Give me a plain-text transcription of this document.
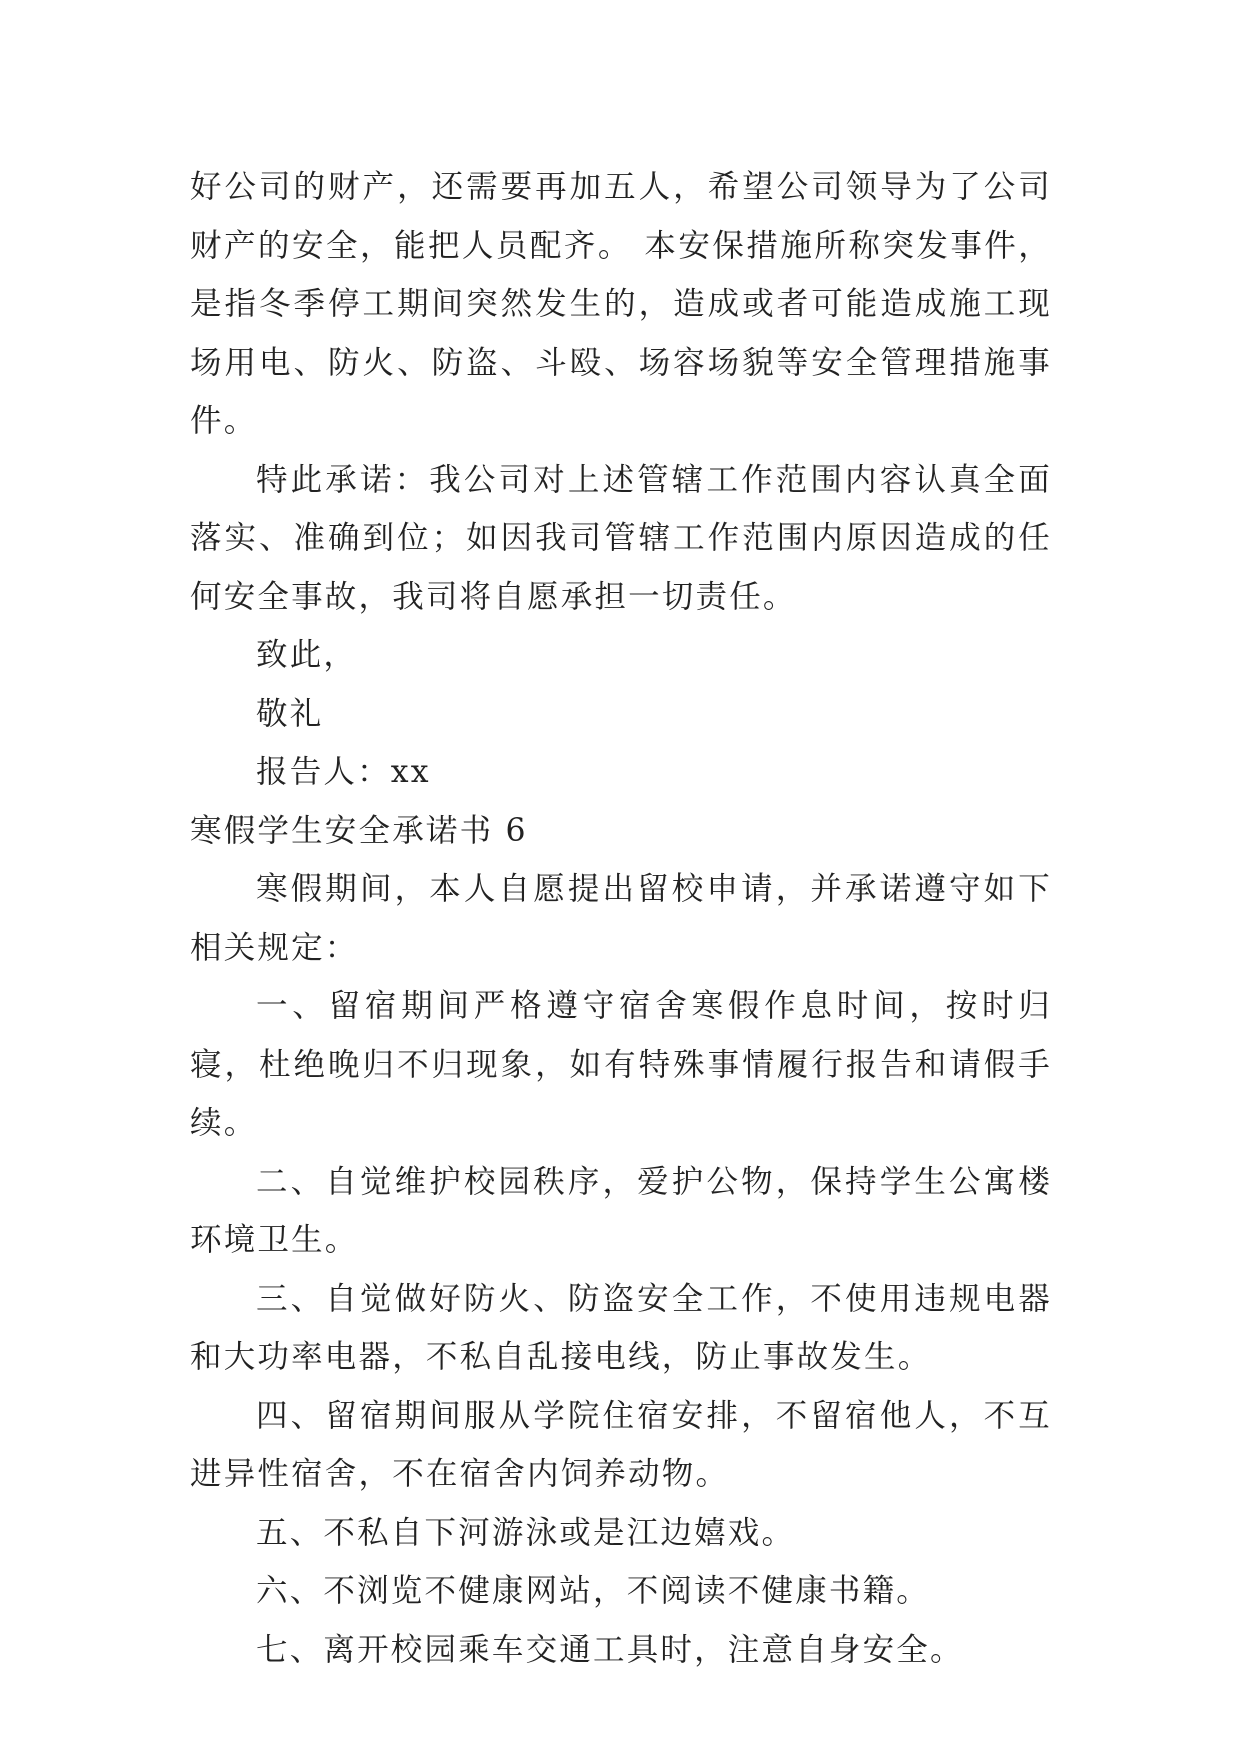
好公司的财产，还需要再加五人，希望公司领导为了公司财产的安全，能把人员配齐。 本安保措施所称突发事件，是指冬季停工期间突然发生的，造成或者可能造成施工现场用电、防火、防盗、斗殴、场容场貌等安全管理措施事件。

特此承诺：我公司对上述管辖工作范围内容认真全面落实、准确到位；如因我司管辖工作范围内原因造成的任何安全事故，我司将自愿承担一切责任。

致此，

敬礼

报告人：xx

寒假学生安全承诺书 6

寒假期间，本人自愿提出留校申请，并承诺遵守如下相关规定：

一、留宿期间严格遵守宿舍寒假作息时间，按时归寝，杜绝晚归不归现象，如有特殊事情履行报告和请假手续。

二、自觉维护校园秩序，爱护公物，保持学生公寓楼环境卫生。

三、自觉做好防火、防盗安全工作，不使用违规电器和大功率电器，不私自乱接电线，防止事故发生。

四、留宿期间服从学院住宿安排，不留宿他人，不互进异性宿舍，不在宿舍内饲养动物。

五、不私自下河游泳或是江边嬉戏。

六、不浏览不健康网站，不阅读不健康书籍。

七、离开校园乘车交通工具时，注意自身安全。
